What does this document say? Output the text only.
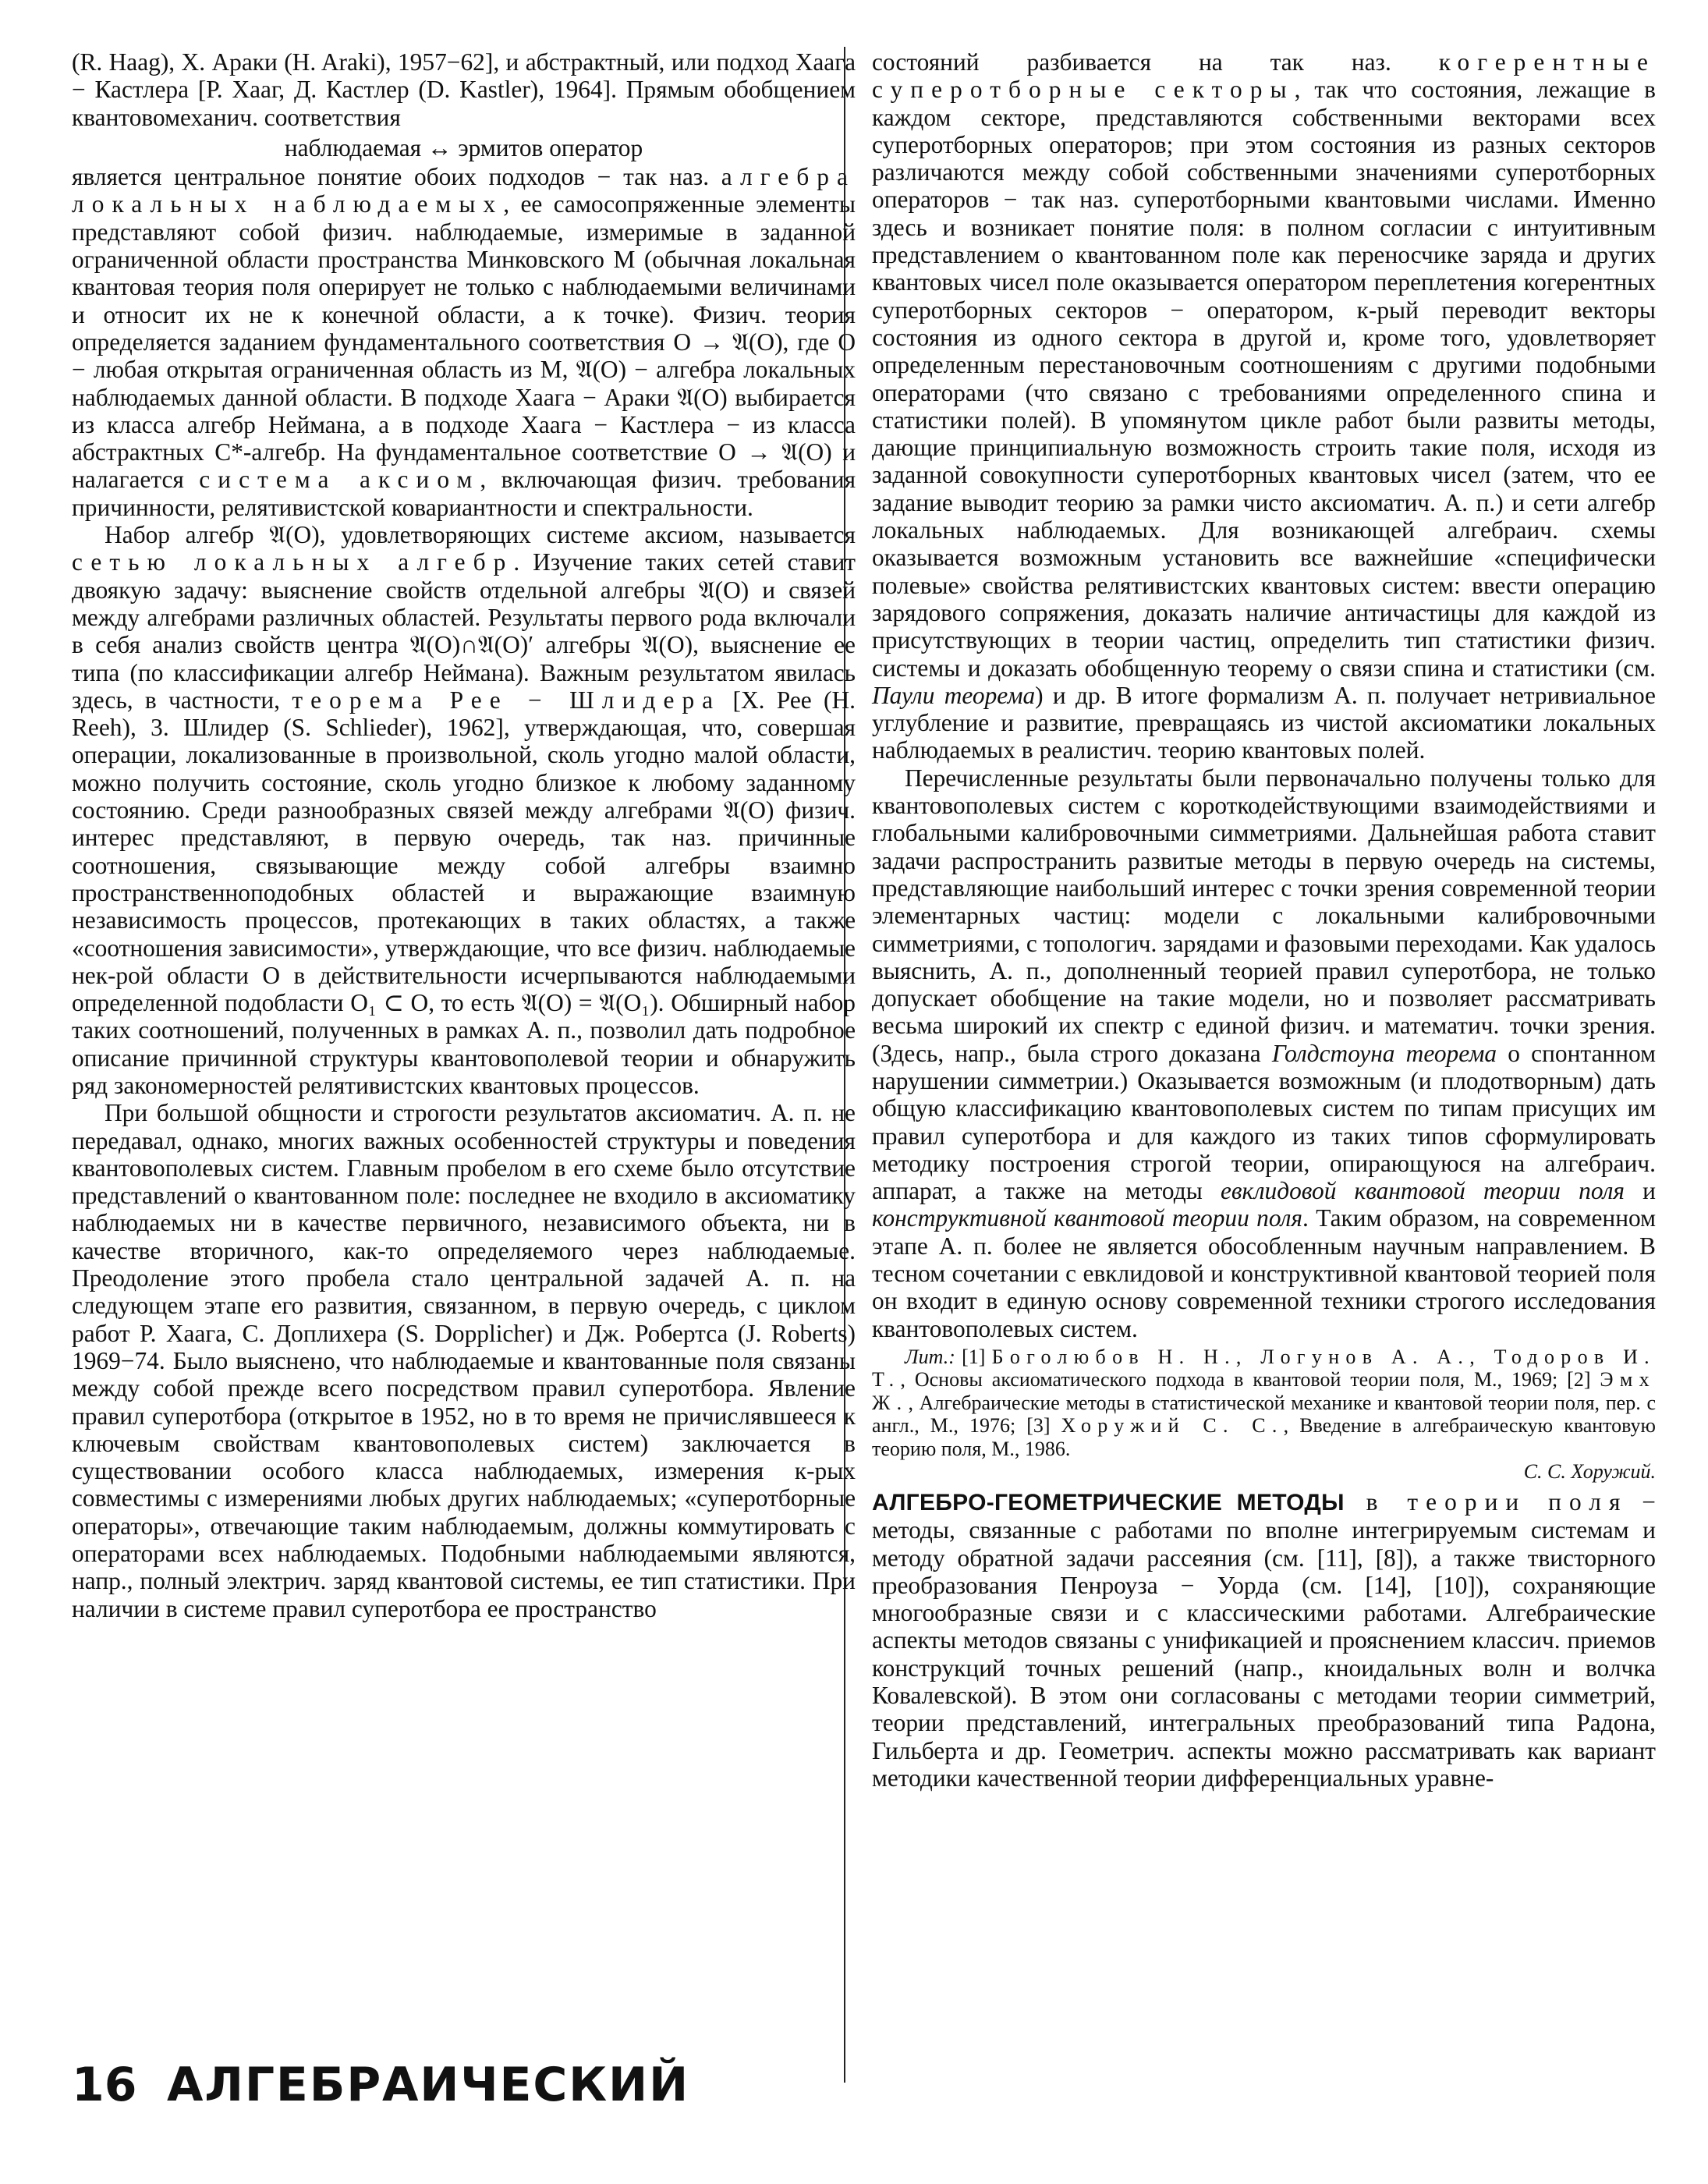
(R. Haag), X. Араки (H. Araki), 1957−62], и абстрактный, или подход Хаага − Кастлера [Р. Хааг, Д. Кастлер (D. Kastler), 1964]. Прямым обобщением квантовомеханич. соответствия

наблюдаемая ↔ эрмитов оператор

является центральное понятие обоих подходов − так наз. алгебра локальных наблюдаемых, ее самосопряженные элементы представляют собой физич. наблюдаемые, измеримые в заданной ограниченной области пространства Минковского M (обычная локальная квантовая теория поля оперирует не только с наблюдаемыми величинами и относит их не к конечной области, а к точке). Физич. теория определяется заданием фундаментального соответствия O → 𝔄(O), где O − любая открытая ограниченная область из M, 𝔄(O) − алгебра локальных наблюдаемых данной области. В подходе Хаага − Араки 𝔄(O) выбирается из класса алгебр Неймана, а в подходе Хаага − Кастлера − из класса абстрактных C*-алгебр. На фундаментальное соответствие O → 𝔄(O) и налагается система аксиом, включающая физич. требования причинности, релятивистской ковариантности и спектральности.

Набор алгебр 𝔄(O), удовлетворяющих системе аксиом, называется сетью локальных алгебр. Изучение таких сетей ставит двоякую задачу: выяснение свойств отдельной алгебры 𝔄(O) и связей между алгебрами различных областей. Результаты первого рода включали в себя анализ свойств центра 𝔄(O)∩𝔄(O)′ алгебры 𝔄(O), выяснение ее типа (по классификации алгебр Неймана). Важным результатом явилась здесь, в частности, теорема Рее − Шлидера [X. Рее (H. Reeh), 3. Шлидер (S. Schlieder), 1962], утверждающая, что, совершая операции, локализованные в произвольной, сколь угодно малой области, можно получить состояние, сколь угодно близкое к любому заданному состоянию. Среди разнообразных связей между алгебрами 𝔄(O) физич. интерес представляют, в первую очередь, так наз. причинные соотношения, связывающие между собой алгебры взаимно пространственноподобных областей и выражающие взаимную независимость процессов, протекающих в таких областях, а также «соотношения зависимости», утверждающие, что все физич. наблюдаемые нек-рой области O в действительности исчерпываются наблюдаемыми определенной подобласти O₁ ⊂ O, то есть 𝔄(O) = 𝔄(O₁). Обширный набор таких соотношений, полученных в рамках А. п., позволил дать подробное описание причинной структуры квантовополевой теории и обнаружить ряд закономерностей релятивистских квантовых процессов.

При большой общности и строгости результатов аксиоматич. А. п. не передавал, однако, многих важных особенностей структуры и поведения квантовополевых систем. Главным пробелом в его схеме было отсутствие представлений о квантованном поле: последнее не входило в аксиоматику наблюдаемых ни в качестве первичного, независимого объекта, ни в качестве вторичного, как-то определяемого через наблюдаемые. Преодоление этого пробела стало центральной задачей А. п. на следующем этапе его развития, связанном, в первую очередь, с циклом работ Р. Хаага, С. Доплихера (S. Doppliсher) и Дж. Робертса (J. Roberts) 1969−74. Было выяснено, что наблюдаемые и квантованные поля связаны между собой прежде всего посредством правил суперотбора. Явление правил суперотбора (открытое в 1952, но в то время не причислявшееся к ключевым свойствам квантовополевых систем) заключается в существовании особого класса наблюдаемых, измерения к-рых совместимы с измерениями любых других наблюдаемых; «суперотборные операторы», отвечающие таким наблюдаемым, должны коммутировать с операторами всех наблюдаемых. Подобными наблюдаемыми являются, напр., полный электрич. заряд квантовой системы, ее тип статистики. При наличии в системе правил суперотбора ее пространство

состояний разбивается на так наз. когерентные суперотборные секторы, так что состояния, лежащие в каждом секторе, представляются собственными векторами всех суперотборных операторов; при этом состояния из разных секторов различаются между собой собственными значениями суперотборных операторов − так наз. суперотборными квантовыми числами. Именно здесь и возникает понятие поля: в полном согласии с интуитивным представлением о квантованном поле как переносчике заряда и других квантовых чисел поле оказывается оператором переплетения когерентных суперотборных секторов − оператором, к-рый переводит векторы состояния из одного сектора в другой и, кроме того, удовлетворяет определенным перестановочным соотношениям с другими подобными операторами (что связано с требованиями определенного спина и статистики полей). В упомянутом цикле работ были развиты методы, дающие принципиальную возможность строить такие поля, исходя из заданной совокупности суперотборных квантовых чисел (затем, что ее задание выводит теорию за рамки чисто аксиоматич. А. п.) и сети алгебр локальных наблюдаемых. Для возникающей алгебраич. схемы оказывается возможным установить все важнейшие «специфически полевые» свойства релятивистских квантовых систем: ввести операцию зарядового сопряжения, доказать наличие античастицы для каждой из присутствующих в теории частиц, определить тип статистики физич. системы и доказать обобщенную теорему о связи спина и статистики (см. Паули теорема) и др. В итоге формализм А. п. получает нетривиальное углубление и развитие, превращаясь из чистой аксиоматики локальных наблюдаемых в реалистич. теорию квантовых полей.

Перечисленные результаты были первоначально получены только для квантовополевых систем с короткодействующими взаимодействиями и глобальными калибровочными симметриями. Дальнейшая работа ставит задачи распространить развитые методы в первую очередь на системы, представляющие наибольший интерес с точки зрения современной теории элементарных частиц: модели с локальными калибровочными симметриями, с топологич. зарядами и фазовыми переходами. Как удалось выяснить, А. п., дополненный теорией правил суперотбора, не только допускает обобщение на такие модели, но и позволяет рассматривать весьма широкий их спектр с единой физич. и математич. точки зрения. (Здесь, напр., была строго доказана Голдстоуна теорема о спонтанном нарушении симметрии.) Оказывается возможным (и плодотворным) дать общую классификацию квантовополевых систем по типам присущих им правил суперотбора и для каждого из таких типов сформулировать методику построения строгой теории, опирающуюся на алгебраич. аппарат, а также на методы евклидовой квантовой теории поля и конструктивной квантовой теории поля. Таким образом, на современном этапе А. п. более не является обособленным научным направлением. В тесном сочетании с евклидовой и конструктивной квантовой теорией поля он входит в единую основу современной техники строгого исследования квантовополевых систем.

Лит.: [1] Боголюбов Н. Н., Логунов А. А., Тодоров И. Т., Основы аксиоматического подхода в квантовой теории поля, М., 1969; [2] Эмх Ж., Алгебраические методы в статистической механике и квантовой теории поля, пер. с англ., М., 1976; [3] Хоружий С. С., Введение в алгебраическую квантовую теорию поля, М., 1986.

С. С. Хоружий.

АЛГЕБРО-ГЕОМЕТРИЧЕСКИЕ МЕТОДЫ в теории поля − методы, связанные с работами по вполне интегрируемым системам и методу обратной задачи рассеяния (см. [11], [8]), а также твисторного преобразования Пенроуза − Уорда (см. [14], [10]), сохраняющие многообразные связи и с классическими работами. Алгебраические аспекты методов связаны с унификацией и прояснением классич. приемов конструкций точных решений (напр., кноидальных волн и волчка Ковалевской). В этом они согласованы с методами теории симметрий, теории представлений, интегральных преобразований типа Радона, Гильберта и др. Геометрич. аспекты можно рассматривать как вариант методики качественной теории дифференциальных уравне-

16 АЛГЕБРАИЧЕСКИЙ
